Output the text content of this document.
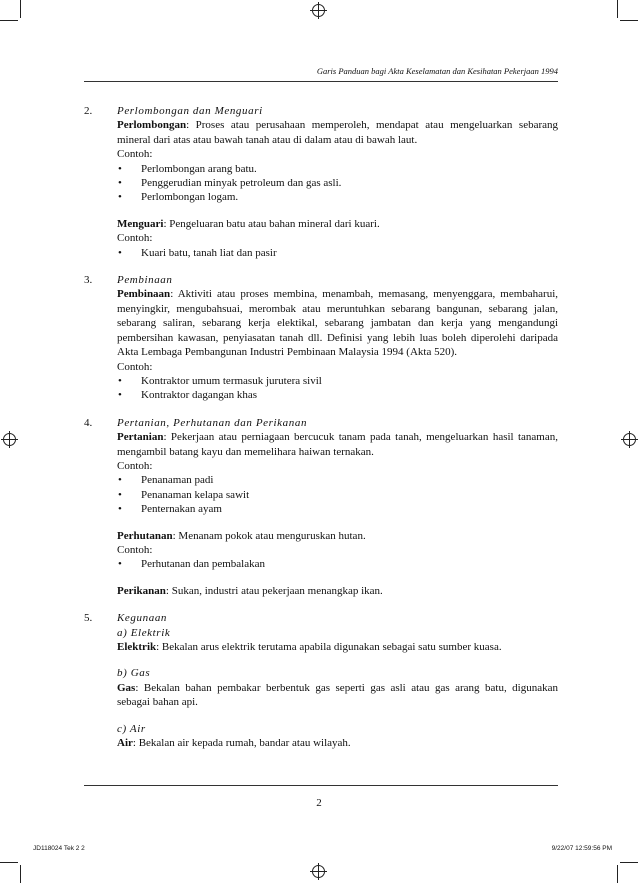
Garis Panduan bagi Akta Keselamatan dan Kesihatan Pekerjaan 1994
2.	Perlombongan dan Menguari
Perlombongan: Proses atau perusahaan memperoleh, mendapat atau mengeluarkan sebarang mineral dari atas atau bawah tanah atau di dalam atau di bawah laut.
Contoh:
• Perlombongan arang batu.
• Penggerudian minyak petroleum dan gas asli.
• Perlombongan logam.
Menguari: Pengeluaran batu atau bahan mineral dari kuari.
Contoh:
• Kuari batu, tanah liat dan pasir
3.	Pembinaan
Pembinaan: Aktiviti atau proses membina, menambah, memasang, menyenggara, membaharui, menyingkir, mengubahsuai, merombak atau meruntuhkan sebarang bangunan, sebarang jalan, sebarang saliran, sebarang kerja elektikal, sebarang jambatan dan kerja yang mengandungi pembersihan kawasan, penyiasatan tanah dll. Definisi yang lebih luas boleh diperolehi daripada Akta Lembaga Pembangunan Industri Pembinaan Malaysia 1994 (Akta 520).
Contoh:
• Kontraktor umum termasuk jurutera sivil
• Kontraktor dagangan khas
4.	Pertanian, Perhutanan dan Perikanan
Pertanian: Pekerjaan atau perniagaan bercucuk tanam pada tanah, mengeluarkan hasil tanaman, mengambil batang kayu dan memelihara haiwan ternakan.
Contoh:
• Penanaman padi
• Penanaman kelapa sawit
• Penternakan ayam
Perhutanan: Menanam pokok atau menguruskan hutan.
Contoh:
• Perhutanan dan pembalakan
Perikanan: Sukan, industri atau pekerjaan menangkap ikan.
5.	Kegunaan
a) Elektrik
Elektrik: Bekalan arus elektrik terutama apabila digunakan sebagai satu sumber kuasa.
b) Gas
Gas: Bekalan bahan pembakar berbentuk gas seperti gas asli atau gas arang batu, digunakan sebagai bahan api.
c) Air
Air: Bekalan air kepada rumah, bandar atau wilayah.
2
JD118024 Tek 2 2	9/22/07 12:59:56 PM
